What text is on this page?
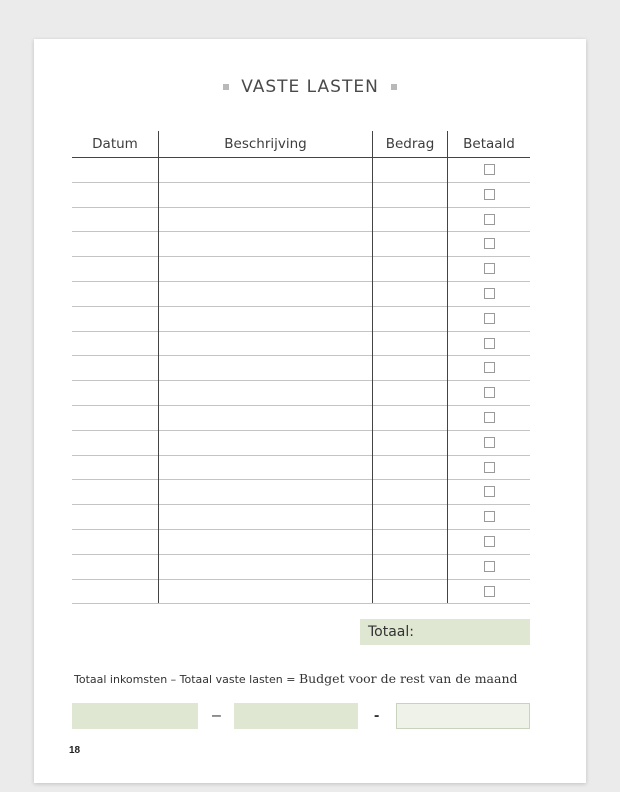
VASTE LASTEN
Datum	Beschrijving	Bedrag	Betaald
Totaal:
Totaal inkomsten – Totaal vaste lasten = Budget voor de rest van de maand
–	-
18
